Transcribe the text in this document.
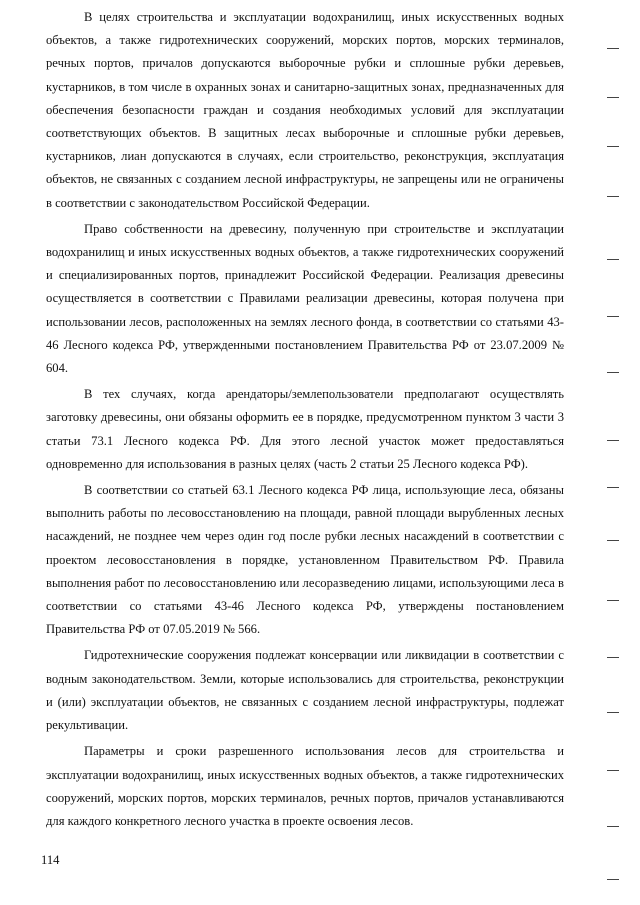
В целях строительства и эксплуатации водохранилищ, иных искусственных водных объектов, а также гидротехнических сооружений, морских портов, морских терминалов, речных портов, причалов допускаются выборочные рубки и сплошные рубки деревьев, кустарников, в том числе в охранных зонах и санитарно-защитных зонах, предназначенных для обеспечения безопасности граждан и создания необходимых условий для эксплуатации соответствующих объектов. В защитных лесах выборочные и сплошные рубки деревьев, кустарников, лиан допускаются в случаях, если строительство, реконструкция, эксплуатация объектов, не связанных с созданием лесной инфраструктуры, не запрещены или не ограничены в соответствии с законодательством Российской Федерации.

Право собственности на древесину, полученную при строительстве и эксплуатации водохранилищ и иных искусственных водных объектов, а также гидротехнических сооружений и специализированных портов, принадлежит Российской Федерации. Реализация древесины осуществляется в соответствии с Правилами реализации древесины, которая получена при использовании лесов, расположенных на землях лесного фонда, в соответствии со статьями 43-46 Лесного кодекса РФ, утвержденными постановлением Правительства РФ от 23.07.2009 № 604.

В тех случаях, когда арендаторы/землепользователи предполагают осуществлять заготовку древесины, они обязаны оформить ее в порядке, предусмотренном пунктом 3 части 3 статьи 73.1 Лесного кодекса РФ. Для этого лесной участок может предоставляться одновременно для использования в разных целях (часть 2 статьи 25 Лесного кодекса РФ).

В соответствии со статьей 63.1 Лесного кодекса РФ лица, использующие леса, обязаны выполнить работы по лесовосстановлению на площади, равной площади вырубленных лесных насаждений, не позднее чем через один год после рубки лесных насаждений в соответствии с проектом лесовосстановления в порядке, установленном Правительством РФ. Правила выполнения работ по лесовосстановлению или лесоразведению лицами, использующими леса в соответствии со статьями 43-46 Лесного кодекса РФ, утверждены постановлением Правительства РФ от 07.05.2019 № 566.

Гидротехнические сооружения подлежат консервации или ликвидации в соответствии с водным законодательством. Земли, которые использовались для строительства, реконструкции и (или) эксплуатации объектов, не связанных с созданием лесной инфраструктуры, подлежат рекультивации.

Параметры и сроки разрешенного использования лесов для строительства и эксплуатации водохранилищ, иных искусственных водных объектов, а также гидротехнических сооружений, морских портов, морских терминалов, речных портов, причалов устанавливаются для каждого конкретного лесного участка в проекте освоения лесов.

114
